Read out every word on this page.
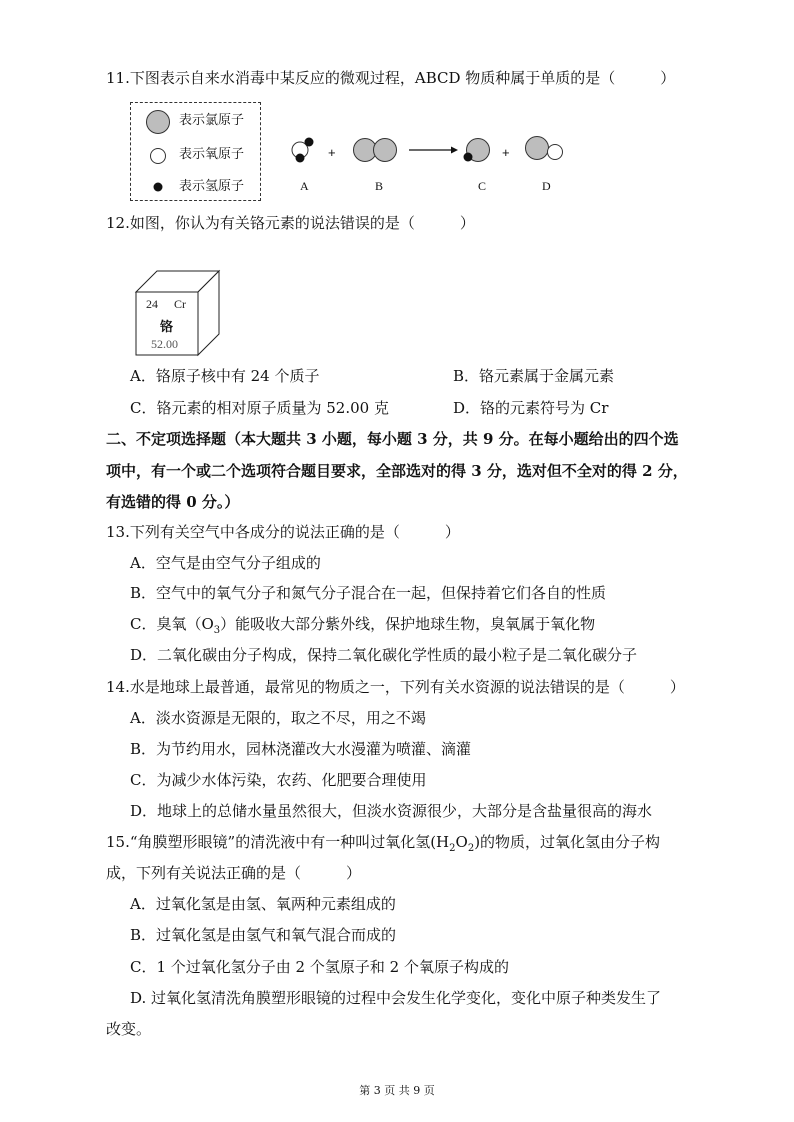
11.下图表示自来水消毒中某反应的微观过程，ABCD 物质种属于单质的是（　　　）
表示氯原子
表示氧原子
表示氢原子
+	+
A	B	C	D
12.如图，你认为有关铬元素的说法错误的是（　　　）
24 Cr
铬
52.00
A．铬原子核中有 24 个质子	B．铬元素属于金属元素
C．铬元素的相对原子质量为 52.00 克	D．铬的元素符号为 Cr
二、不定项选择题（本大题共 3 小题，每小题 3 分，共 9 分。在每小题给出的四个选
项中，有一个或二个选项符合题目要求，全部选对的得 3 分，选对但不全对的得 2 分，
有选错的得 0 分。）
13.下列有关空气中各成分的说法正确的是（　　　）
A．空气是由空气分子组成的
B．空气中的氧气分子和氮气分子混合在一起，但保持着它们各自的性质
C．臭氧$(O_3)$能吸收大部分紫外线，保护地球生物，臭氧属于氧化物
D．二氧化碳由分子构成，保持二氧化碳化学性质的最小粒子是二氧化碳分子
14.水是地球上最普通，最常见的物质之一，下列有关水资源的说法错误的是（　　　）
A．淡水资源是无限的，取之不尽，用之不竭
B．为节约用水，园林浇灌改大水漫灌为喷灌、滴灌
C．为减少水体污染，农药、化肥要合理使用
D．地球上的总储水量虽然很大，但淡水资源很少，大部分是含盐量很高的海水
15.“角膜塑形眼镜”的清洗液中有一种叫过氧化氢$(H_2O_2)$的物质，过氧化氢由分子构
成，下列有关说法正确的是（　　　）
A．过氧化氢是由氢、氧两种元素组成的
B．过氧化氢是由氢气和氧气混合而成的
C．1 个过氧化氢分子由 2 个氢原子和 2 个氧原子构成的
D. 过氧化氢清洗角膜塑形眼镜的过程中会发生化学变化，变化中原子种类发生了
改变。
第 3 页 共 9 页
